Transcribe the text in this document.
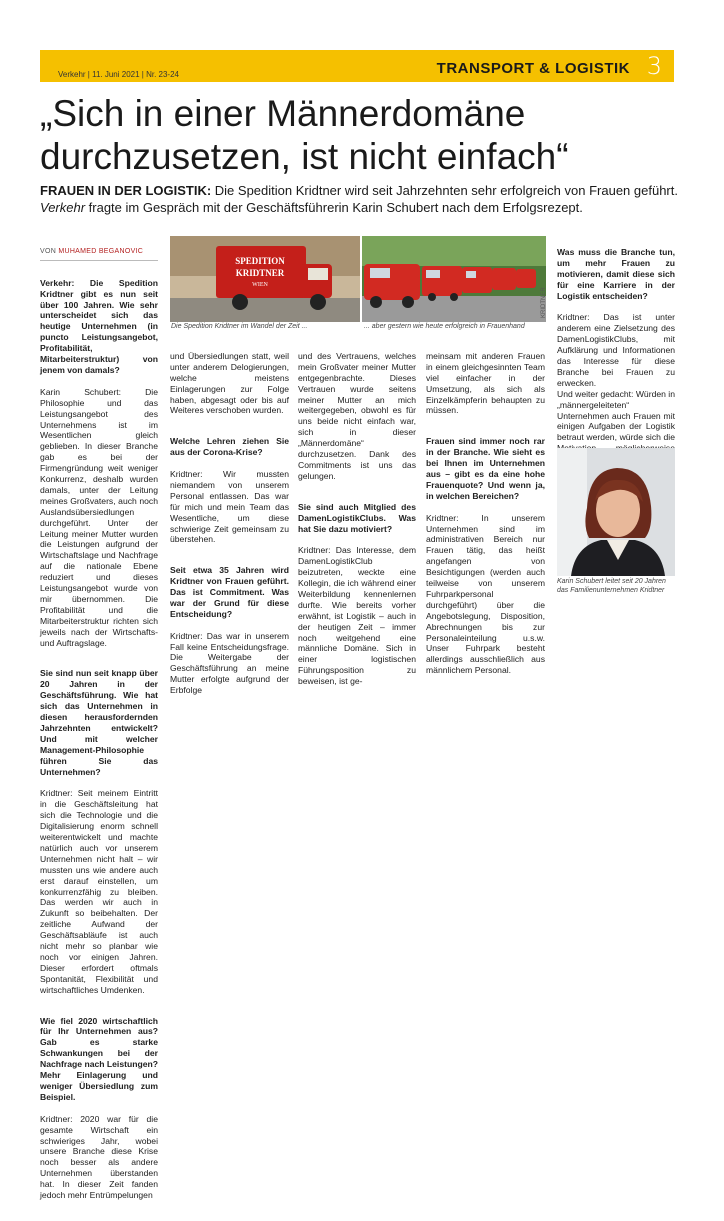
Verkehr | 11. Juni 2021 | Nr. 23-24	TRANSPORT & LOGISTIK 3
„Sich in einer Männerdomäne durchzusetzen, ist nicht einfach“

FRAUEN IN DER LOGISTIK: Die Spedition Kridtner wird seit Jahrzehnten sehr erfolgreich von Frauen geführt. Verkehr fragte im Gespräch mit der Geschäftsführerin Karin Schubert nach dem Erfolgsrezept.

VON MUHAMED BEGANOVIC

Verkehr: Die Spedition Kridtner gibt es nun seit über 100 Jahren. Wie sehr unterscheidet sich das heutige Unternehmen (in puncto Leistungsangebot, Profitabilität, Mitarbeiterstruktur) von jenem von damals?

Karin Schubert: Die Philosophie und das Leistungsangebot des Unternehmens ist im Wesentlichen gleich geblieben. In dieser Branche gab es bei der Firmengründung weit weniger Konkurrenz, deshalb wurden damals, unter der Leitung meines Großvaters, auch noch Auslandsübersiedlungen durchgeführt. Unter der Leitung meiner Mutter wurden die Leistungen aufgrund der Wirtschaftslage und Nachfrage auf die nationale Ebene reduziert und dieses Leistungsangebot wurde von mir übernommen. Die Profitabilität und die Mitarbeiterstruktur richten sich jeweils nach der Wirtschafts- und Auftragslage.

Sie sind nun seit knapp über 20 Jahren in der Geschäftsführung. Wie hat sich das Unternehmen in diesen herausfordernden Jahrzehnten entwickelt? Und mit welcher Management-Philosophie führen Sie das Unternehmen?

Kridtner: Seit meinem Eintritt in die Geschäftsleitung hat sich die Technologie und die Digitalisierung enorm schnell weiterentwickelt und machte natürlich auch vor unserem Unternehmen nicht halt – wir mussten uns wie andere auch erst darauf einstellen, um konkurrenzfähig zu bleiben. Das werden wir auch in Zukunft so beibehalten. Der zeitliche Aufwand der Geschäftsabläufe ist auch nicht mehr so planbar wie noch vor einigen Jahren. Dieser erfordert oftmals Spontanität, Flexibilität und wirtschaftliches Umdenken.

Wie fiel 2020 wirtschaftlich für Ihr Unternehmen aus? Gab es starke Schwankungen bei der Nachfrage nach Leistungen? Mehr Einlagerung und weniger Übersiedlung zum Beispiel.

Kridtner: 2020 war für die gesamte Wirtschaft ein schwieriges Jahr, wobei unsere Branche diese Krise noch besser als andere Unternehmen überstanden hat. In dieser Zeit fanden jedoch mehr Entrümpelungen

SPEDITION
KRIDTNER
WIEN
Die Spedition Kridtner im Wandel der Zeit ...	... aber gestern wie heute erfolgreich in Frauenhand
KRIDTNER

und Übersiedlungen statt, weil unter anderem Delogierungen, welche meistens Einlagerungen zur Folge haben, abgesagt oder bis auf Weiteres verschoben wurden.

Welche Lehren ziehen Sie aus der Corona-Krise?

Kridtner: Wir mussten niemandem von unserem Personal entlassen. Das war für mich und mein Team das Wesentliche, um diese schwierige Zeit gemeinsam zu überstehen.

Seit etwa 35 Jahren wird Kridtner von Frauen geführt. Das ist Commitment. Was war der Grund für diese Entscheidung?

Kridtner: Das war in unserem Fall keine Entscheidungsfrage. Die Weitergabe der Geschäftsführung an meine Mutter erfolgte aufgrund der Erbfolge

und des Vertrauens, welches mein Großvater meiner Mutter entgegenbrachte. Dieses Vertrauen wurde seitens meiner Mutter an mich weitergegeben, obwohl es für uns beide nicht einfach war, sich in dieser „Männerdomäne“ durchzusetzen. Dank des Commitments ist uns das gelungen.

Sie sind auch Mitglied des DamenLogistikClubs. Was hat Sie dazu motiviert?

Kridtner: Das Interesse, dem DamenLogistikClub beizutreten, weckte eine Kollegin, die ich während einer Weiterbildung kennenlernen durfte. Wie bereits vorher erwähnt, ist Logistik – auch in der heutigen Zeit – immer noch weitgehend eine männliche Domäne. Sich in einer logistischen Führungsposition zu beweisen, ist ge-

meinsam mit anderen Frauen in einem gleichgesinnten Team viel einfacher in der Umsetzung, als sich als Einzelkämpferin behaupten zu müssen.

Frauen sind immer noch rar in der Branche. Wie sieht es bei Ihnen im Unternehmen aus – gibt es da eine hohe Frauenquote? Und wenn ja, in welchen Bereichen?

Kridtner: In unserem Unternehmen sind im administrativen Bereich nur Frauen tätig, das heißt angefangen von Besichtigungen (werden auch teilweise von unserem Fuhrparkpersonal durchgeführt) über die Angebotslegung, Disposition, Abrechnungen bis zur Personaleinteilung u.s.w. Unser Fuhrpark besteht allerdings ausschließlich aus männlichem Personal.

Was muss die Branche tun, um mehr Frauen zu motivieren, damit diese sich für eine Karriere in der Logistik entscheiden?

Kridtner: Das ist unter anderem eine Zielsetzung des DamenLogistikClubs, mit Aufklärung und Informationen das Interesse für diese Branche bei Frauen zu erwecken.
Und weiter gedacht: Würden in „männergeleiteten“ Unternehmen auch Frauen mit einigen Aufgaben der Logistik betraut werden, würde sich die

Karin Schubert leitet seit 20 Jahren
das Familienunternehmen Kridtner
